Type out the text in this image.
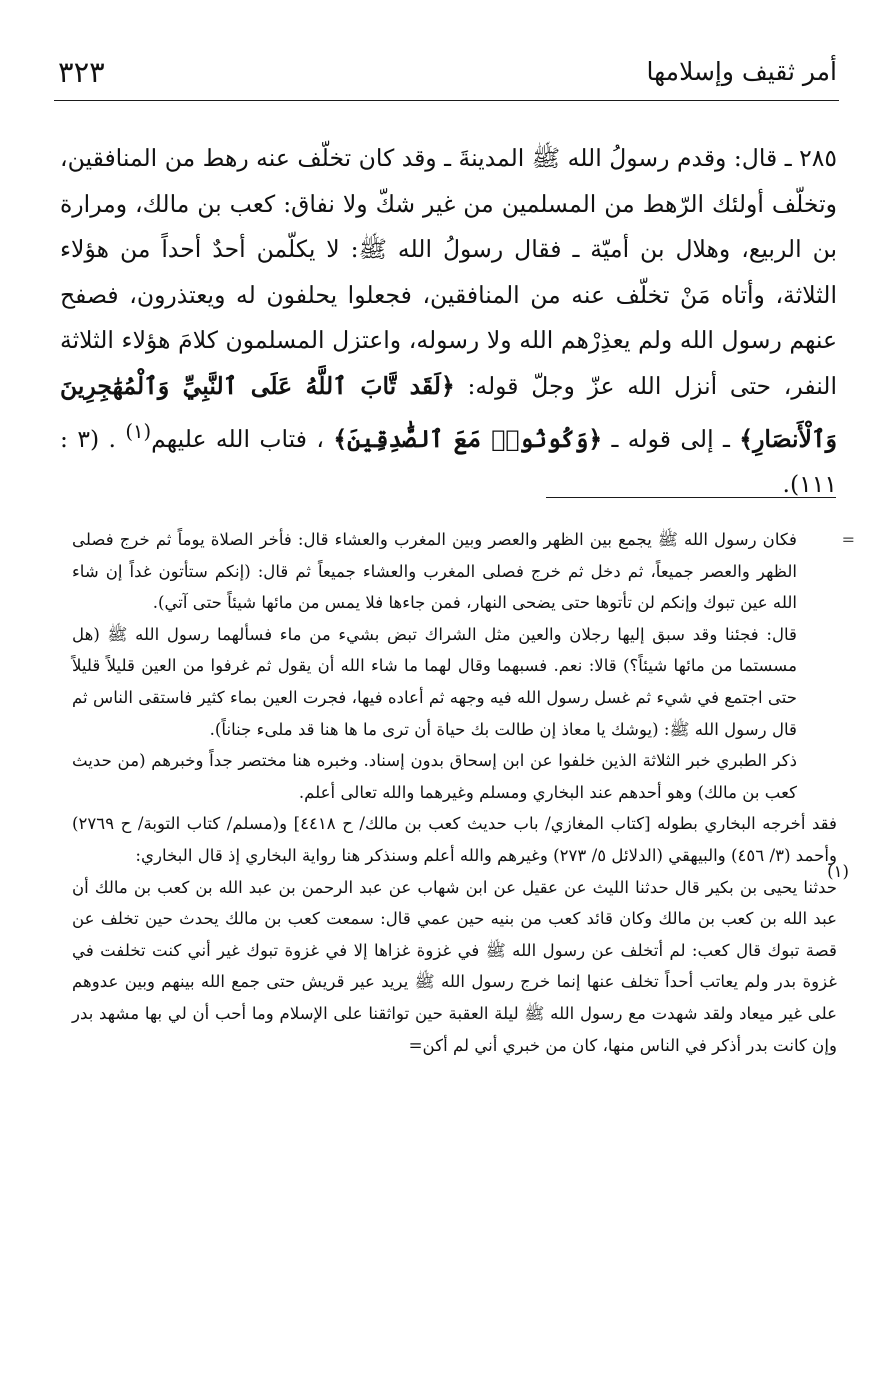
أمر ثقيف وإسلامها
٣٢٣

٢٨٥ ـ قال: وقدم رسولُ الله ﷺ المدينةَ ـ وقد كان تخلّف عنه رهط من المنافقين، وتخلّف أولئك الرّهط من المسلمين من غير شكّ ولا نفاق: كعب بن مالك، ومرارة بن الربيع، وهلال بن أميّة ـ فقال رسولُ الله ﷺ: لا يكلّمن أحدٌ أحداً من هؤلاء الثلاثة، وأتاه مَنْ تخلّف عنه من المنافقين، فجعلوا يحلفون له ويعتذرون، فصفح عنهم رسول الله ولم يعذِرْهم الله ولا رسوله، واعتزل المسلمون كلامَ هؤلاء الثلاثة النفر، حتى أنزل الله عزّ وجلّ قوله: ﴿لَقَد تَّابَ ٱللَّهُ عَلَى ٱلنَّبِيِّ وَٱلْمُهَٰجِرِينَ وَٱلْأَنصَارِ﴾ ـ إلى قوله ـ ﴿وَكُونُوا۟ مَعَ ٱلصَّٰدِقِينَ﴾ ، فتاب الله عليهم$^{(١)}$ . (٣ : ١١١).

=
(١)

فكان رسول الله ﷺ يجمع بين الظهر والعصر وبين المغرب والعشاء قال: فأخر الصلاة يوماً ثم خرج فصلى الظهر والعصر جميعاً، ثم دخل ثم خرج فصلى المغرب والعشاء جميعاً ثم قال: (إنكم ستأتون غداً إن شاء الله عين تبوك وإنكم لن تأتوها حتى يضحى النهار، فمن جاءها فلا يمس من مائها شيئاً حتى آتي).

قال: فجئنا وقد سبق إليها رجلان والعين مثل الشراك تبض بشيء من ماء فسألهما رسول الله ﷺ (هل مسستما من مائها شيئاً؟) قالا: نعم. فسبهما وقال لهما ما شاء الله أن يقول ثم غرفوا من العين قليلاً قليلاً حتى اجتمع في شيء ثم غسل رسول الله فيه وجهه ثم أعاده فيها، فجرت العين بماء كثير فاستقى الناس ثم قال رسول الله ﷺ: (يوشك يا معاذ إن طالت بك حياة أن ترى ما ها هنا قد ملىء جناناً).

ذكر الطبري خبر الثلاثة الذين خلفوا عن ابن إسحاق بدون إسناد. وخبره هنا مختصر جداً وخبرهم (من حديث كعب بن مالك) وهو أحدهم عند البخاري ومسلم وغيرهما والله تعالى أعلم.

فقد أخرجه البخاري بطوله [كتاب المغازي/ باب حديث كعب بن مالك/ ح ٤٤١٨] و(مسلم/ كتاب التوبة/ ح ٢٧٦٩) وأحمد (٣/ ٤٥٦) والبيهقي (الدلائل ٥/ ٢٧٣) وغيرهم والله أعلم وسنذكر هنا رواية البخاري إذ قال البخاري:

حدثنا يحيى بن بكير قال حدثنا الليث عن عقيل عن ابن شهاب عن عبد الرحمن بن عبد الله بن كعب بن مالك أن عبد الله بن كعب بن مالك وكان قائد كعب من بنيه حين عمي قال: سمعت كعب بن مالك يحدث حين تخلف عن قصة تبوك قال كعب: لم أتخلف عن رسول الله ﷺ في غزوة غزاها إلا في غزوة تبوك غير أني كنت تخلفت في غزوة بدر ولم يعاتب أحداً تخلف عنها إنما خرج رسول الله ﷺ يريد عير قريش حتى جمع الله بينهم وبين عدوهم على غير ميعاد ولقد شهدت مع رسول الله ﷺ ليلة العقبة حين تواثقنا على الإسلام وما أحب أن لي بها مشهد بدر وإن كانت بدر أذكر في الناس منها، كان من خبري أني لم أكن=
